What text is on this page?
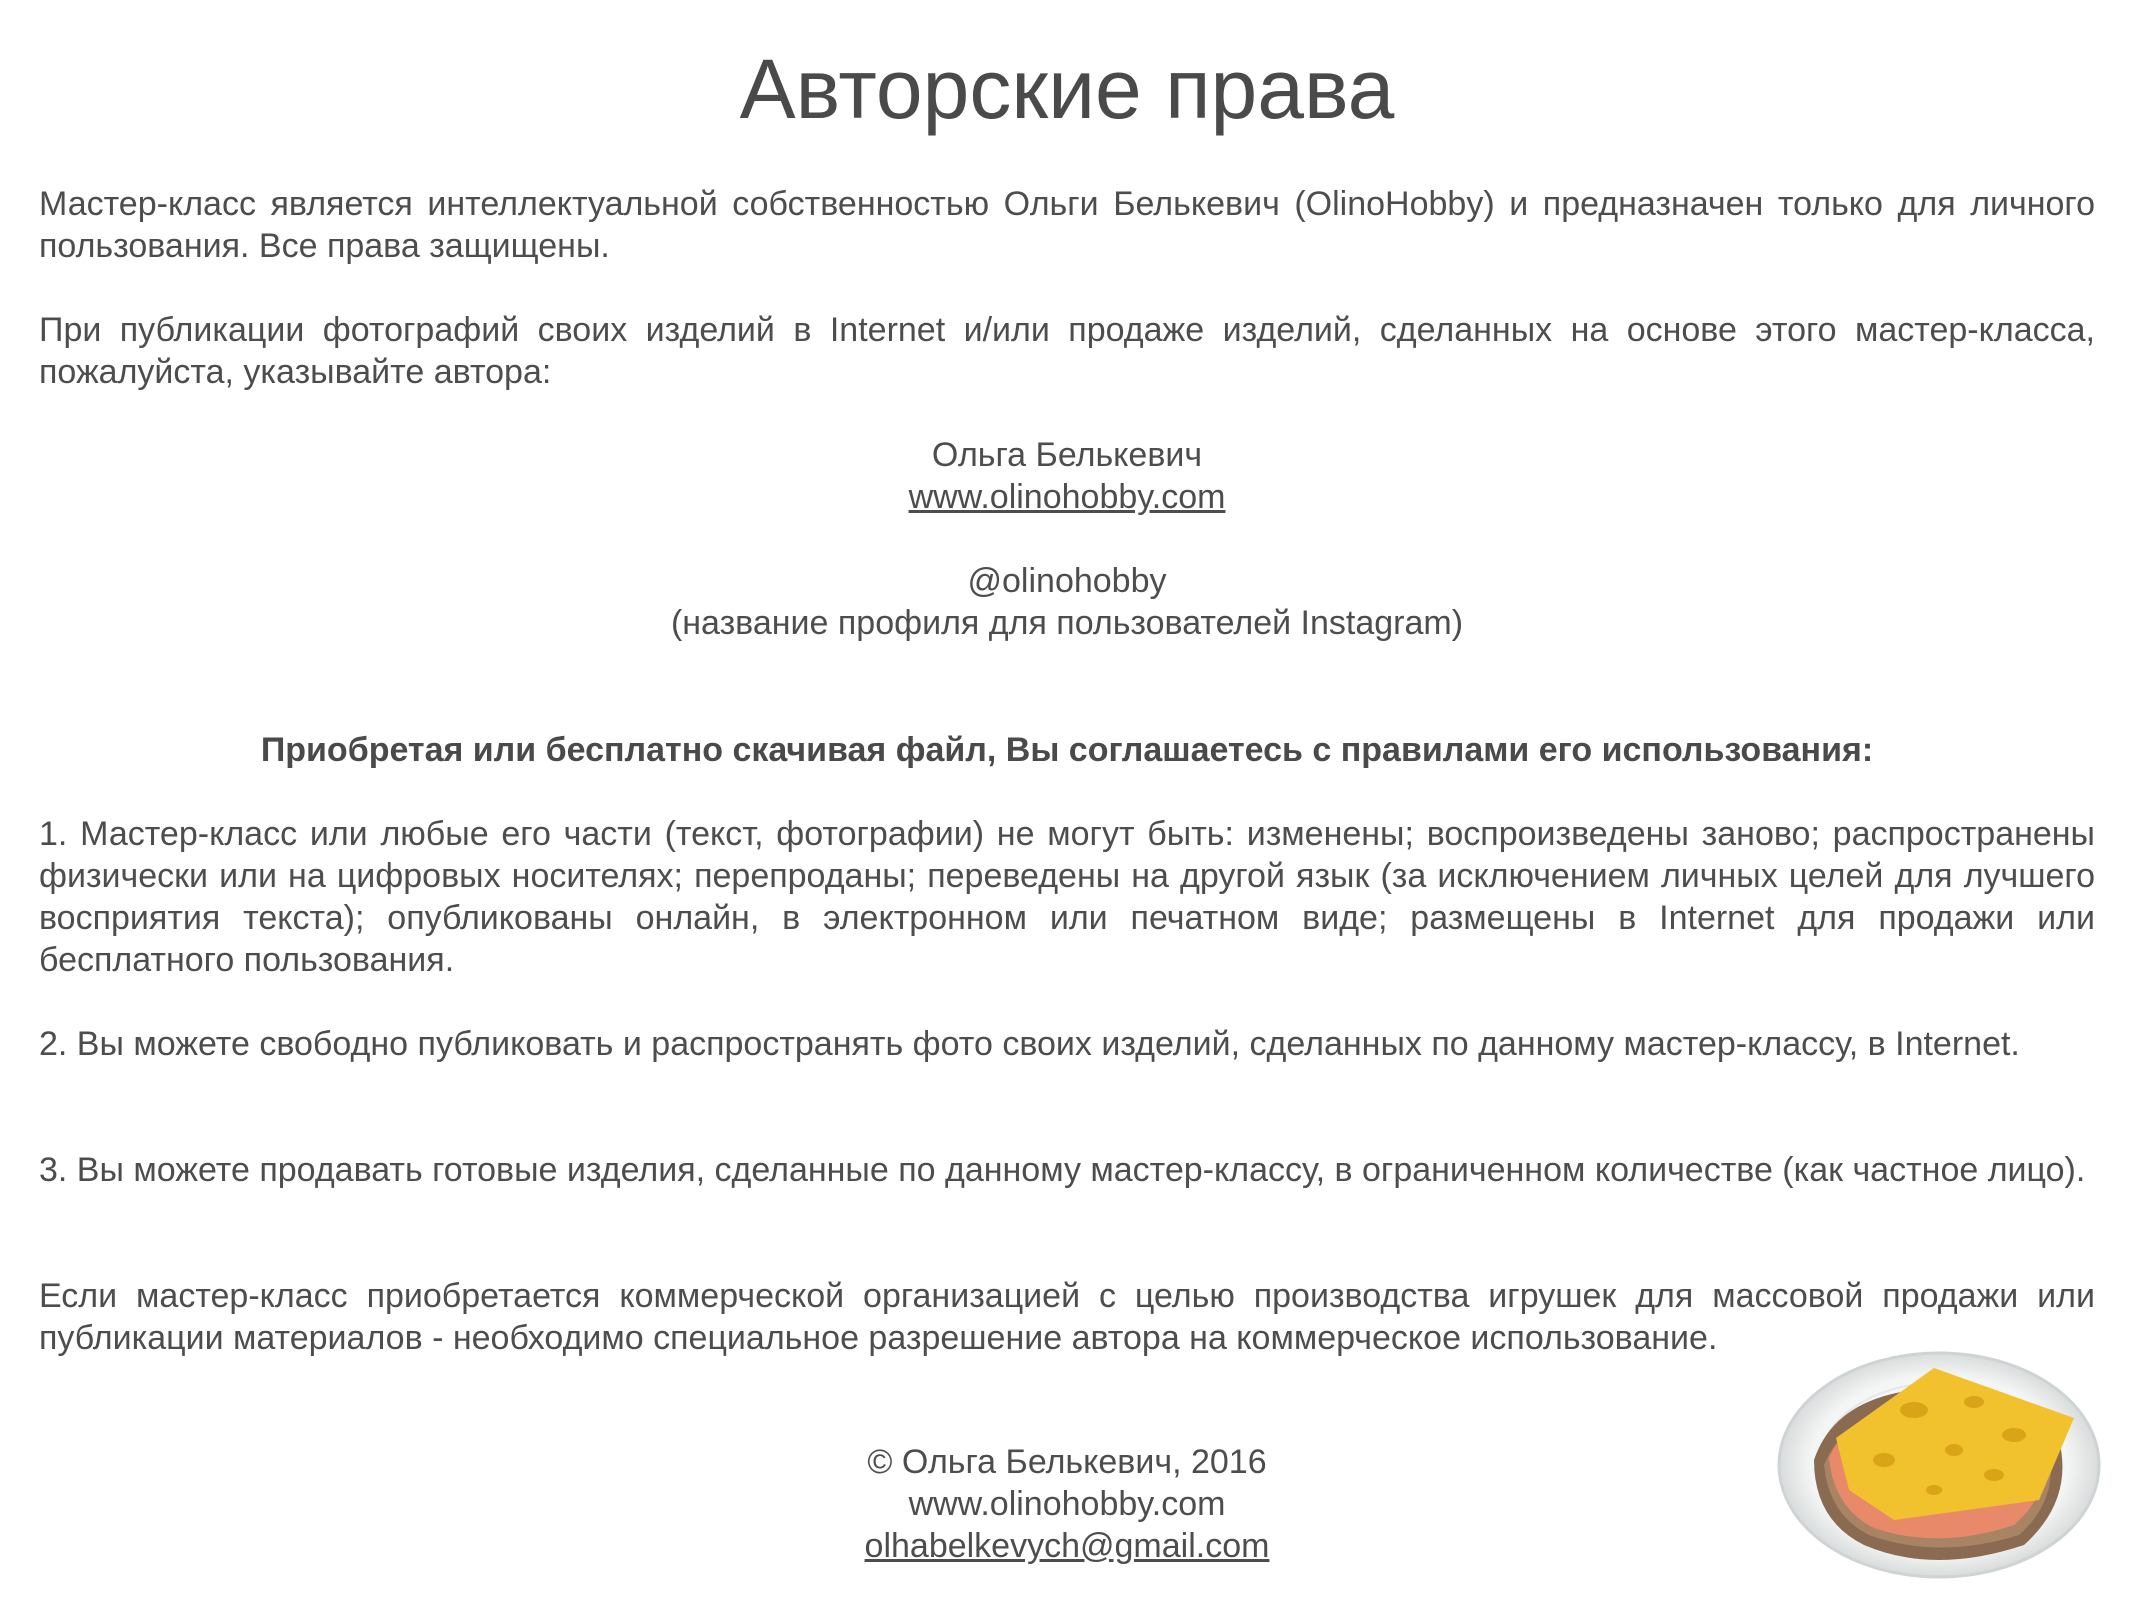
Авторские права

Мастер-класс является интеллектуальной собственностью Ольги Белькевич (OlinoHobby) и предназначен только для личного пользования. Все права защищены.

При публикации фотографий своих изделий в Internet и/или продаже изделий, сделанных на основе этого мастер-класса, пожалуйста, указывайте автора:

Ольга Белькевич
www.olinohobby.com
@olinohobby
(название профиля для пользователей Instagram)
Приобретая или бесплатно скачивая файл, Вы соглашаетесь с правилами его использования:

1. Мастер-класс или любые его части (текст, фотографии) не могут быть: изменены; воспроизведены заново; распространены физически или на цифровых носителях; перепроданы; переведены на другой язык (за исключением личных целей для лучшего восприятия текста); опубликованы онлайн, в электронном или печатном виде; размещены в Internet для продажи или бесплатного пользования.

2. Вы можете свободно публиковать и распространять фото своих изделий, сделанных по данному мастер-классу, в Internet.

3. Вы можете продавать готовые изделия, сделанные по данному мастер-классу, в ограниченном количестве (как частное лицо).

Если мастер-класс приобретается коммерческой организацией с целью производства игрушек для массовой продажи или публикации материалов - необходимо специальное разрешение автора на коммерческое использование.

© Ольга Белькевич, 2016
www.olinohobby.com
olhabelkevych@gmail.com
